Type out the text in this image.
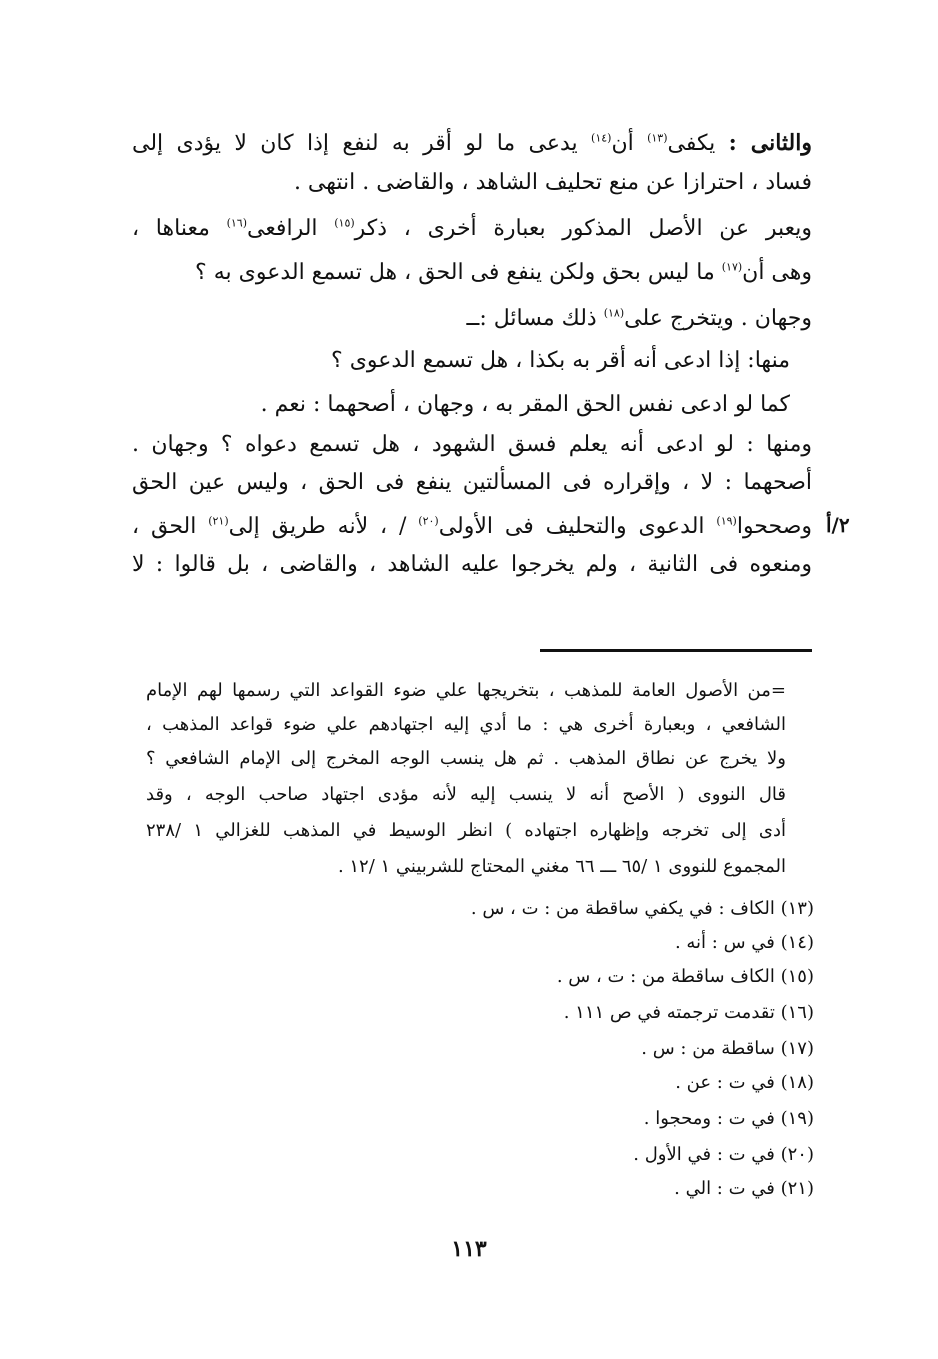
والثانى : يكفى$^{(١٣)}$ أن$^{(١٤)}$ يدعى ما لو أقر به لنفع إذا كان لا يؤدى إلى
فساد ، احترازا عن منع تحليف الشاهد ، والقاضى . انتهى .
ويعبر عن الأصل المذكور بعبارة أخرى ، ذكر$^{(١٥)}$ الرافعى$^{(١٦)}$ معناها ،
وهى أن$^{(١٧)}$ ما ليس بحق ولكن ينفع فى الحق ، هل تسمع الدعوى به ؟
وجهان . ويتخرج على$^{(١٨)}$ ذلك مسائل :ــ
منها: إذا ادعى أنه أقر به بكذا ، هل تسمع الدعوى ؟
كما لو ادعى نفس الحق المقر به ، وجهان ، أصحهما : نعم .
ومنها : لو ادعى أنه يعلم فسق الشهود ، هل تسمع دعواه ؟ وجهان .
أصحهما : لا ، وإقراره فى المسألتين ينفع فى الحق ، وليس عين الحق
وصححوا$^{(١٩)}$ الدعوى والتحليف فى الأولى$^{(٢٠)}$ / ، لأنه طريق إلى$^{(٢١)}$ الحق ،
ومنعوه فى الثانية ، ولم يخرجوا عليه الشاهد ، والقاضى ، بل قالوا : لا
٢/أ
=من الأصول العامة للمذهب ، بتخريجها علي ضوء القواعد التي رسمها لهم الإمام
الشافعي ، وبعبارة أخرى هي : ما أدي إليه اجتهادهم علي ضوء قواعد المذهب ،
ولا يخرج عن نطاق المذهب . ثم هل ينسب الوجه المخرج إلى الإمام الشافعي ؟
قال النووى ( الأصح أنه لا ينسب إليه لأنه مؤدى اجتهاد صاحب الوجه ، وقد
أدى إلى تخرجه وإظهاره اجتهاده ) انظر الوسيط في المذهب للغزالي ١ /٢٣٨
المجموع للنووى ١ /٦٥ ـــ ٦٦ مغني المحتاج للشربيني ١ /١٢ .
(١٣) الكاف : في يكفي ساقطة من : ت ، س .
(١٤) في س : أنه .
(١٥) الكاف ساقطة من : ت ، س .
(١٦) تقدمت ترجمته في ص ١١١ .
(١٧) ساقطة من : س .
(١٨) في ت : عن .
(١٩) في ت : ومحجوا .
(٢٠) في ت : في الأول .
(٢١) في ت : الي .
١١٣
